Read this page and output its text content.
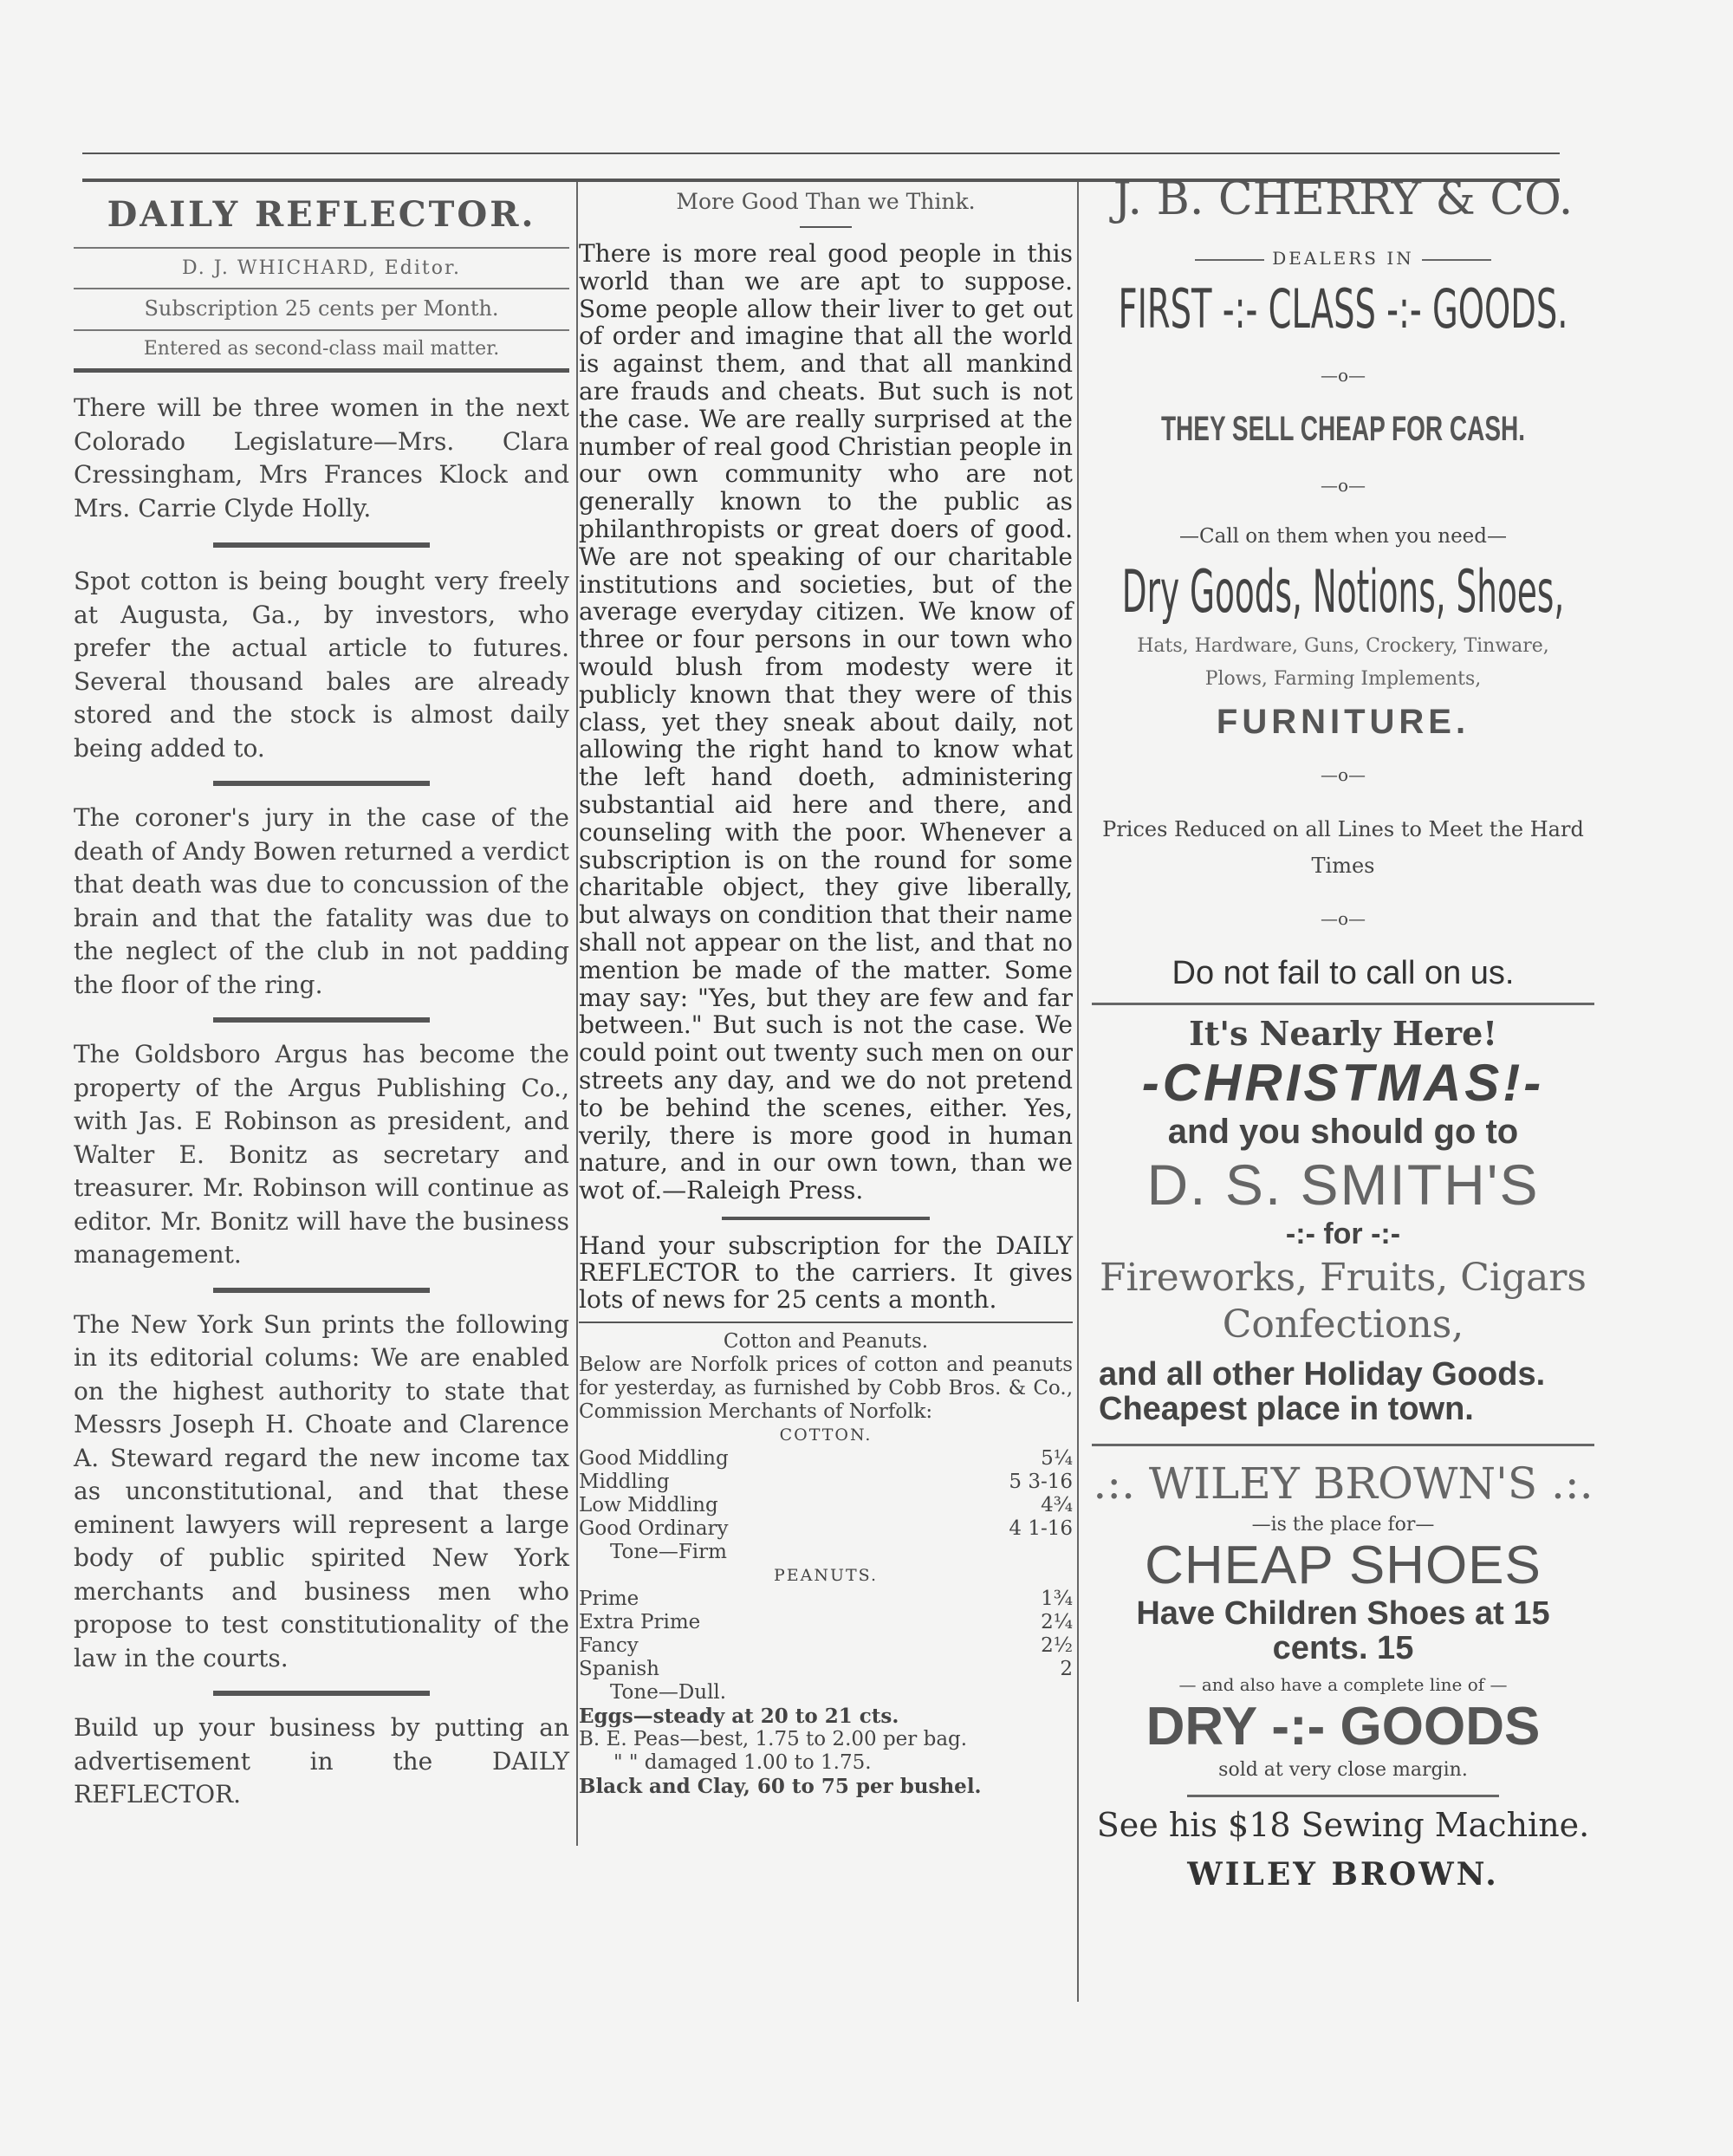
DAILY REFLECTOR.
D. J. WHICHARD, Editor.
Subscription 25 cents per Month.
Entered as second-class mail matter.

There will be three women in the next Colorado Legislature—Mrs. Clara Cressingham, Mrs Frances Klock and Mrs. Carrie Clyde Holly.

Spot cotton is being bought very freely at Augusta, Ga., by investors, who prefer the actual article to futures. Several thousand bales are already stored and the stock is almost daily being added to.

The coroner's jury in the case of the death of Andy Bowen returned a verdict that death was due to concussion of the brain and that the fatality was due to the neglect of the club in not padding the floor of the ring.

The Goldsboro Argus has become the property of the Argus Publishing Co., with Jas. E Robinson as president, and Walter E. Bonitz as secretary and treasurer. Mr. Robinson will continue as editor. Mr. Bonitz will have the business management.

The New York Sun prints the following in its editorial colums: We are enabled on the highest authority to state that Messrs Joseph H. Choate and Clarence A. Steward regard the new income tax as unconstitutional, and that these eminent lawyers will represent a large body of public spirited New York merchants and business men who propose to test constitutionality of the law in the courts.

Build up your business by putting an advertisement in the DAILY REFLECTOR.

More Good Than we Think.

There is more real good people in this world than we are apt to suppose. Some people allow their liver to get out of order and imagine that all the world is against them, and that all mankind are frauds and cheats. But such is not the case. We are really surprised at the number of real good Christian people in our own community who are not generally known to the public as philanthropists or great doers of good. We are not speaking of our charitable institutions and societies, but of the average everyday citizen. We know of three or four persons in our town who would blush from modesty were it publicly known that they were of this class, yet they sneak about daily, not allowing the right hand to know what the left hand doeth, administering substantial aid here and there, and counseling with the poor. Whenever a subscription is on the round for some charitable object, they give liberally, but always on condition that their name shall not appear on the list, and that no mention be made of the matter. Some may say: "Yes, but they are few and far between." But such is not the case. We could point out twenty such men on our streets any day, and we do not pretend to be behind the scenes, either. Yes, verily, there is more good in human nature, and in our own town, than we wot of.—Raleigh Press.

Hand your subscription for the DAILY REFLECTOR to the carriers. It gives lots of news for 25 cents a month.

Cotton and Peanuts.
Below are Norfolk prices of cotton and peanuts for yesterday, as furnished by Cobb Bros. & Co., Commission Merchants of Norfolk:
COTTON.
Good Middling	5¼
Middling	5 3-16
Low Middling	4¾
Good Ordinary	4 1-16
Tone—Firm
PEANUTS.
Prime	1¾
Extra Prime	2¼
Fancy	2½
Spanish	2
Tone—Dull.
Eggs—steady at 20 to 21 cts.
B. E. Peas—best, 1.75 to 2.00 per bag.
" " damaged 1.00 to 1.75.
Black and Clay, 60 to 75 per bushel.
J. B. CHERRY & CO.
DEALERS IN
FIRST -:- CLASS -:- GOODS.
—o—
THEY SELL CHEAP FOR CASH.
—o—
—Call on them when you need—
Dry Goods, Notions, Shoes,
Hats, Hardware, Guns, Crockery, Tinware, Plows, Farming Implements,
FURNITURE.
—o—
Prices Reduced on all Lines to Meet the Hard Times
—o—
Do not fail to call on us.
It's Nearly Here!
-CHRISTMAS!-
and you should go to
D. S. SMITH'S
-:- for -:-
Fireworks, Fruits, Cigars Confections,
and all other Holiday Goods. Cheapest place in town.
.:. WILEY BROWN'S .:.
—is the place for—
CHEAP SHOES
Have Children Shoes at 15 cents. 15
— and also have a complete line of —
DRY -:- GOODS
sold at very close margin.
See his $18 Sewing Machine.
WILEY BROWN.
